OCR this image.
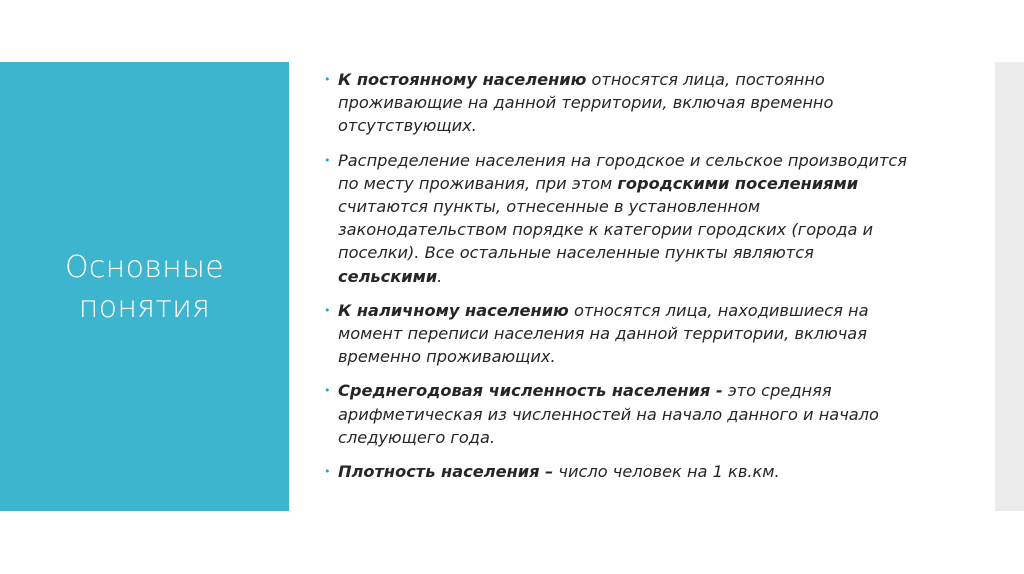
Основные
понятия
• К постоянному населению относятся лица, постоянно проживающие на данной территории, включая временно отсутствующих.
• Распределение населения на городское и сельское производится по месту проживания, при этом городскими поселениями считаются пункты, отнесенные в установленном законодательством порядке к категории городских (города и поселки). Все остальные населенные пункты являются сельскими.
• К наличному населению относятся лица, находившиеся на момент переписи населения на данной территории, включая временно проживающих.
• Среднегодовая численность населения - это средняя арифметическая из численностей на начало данного и начало следующего года.
• Плотность населения – число человек на 1 кв.км.
